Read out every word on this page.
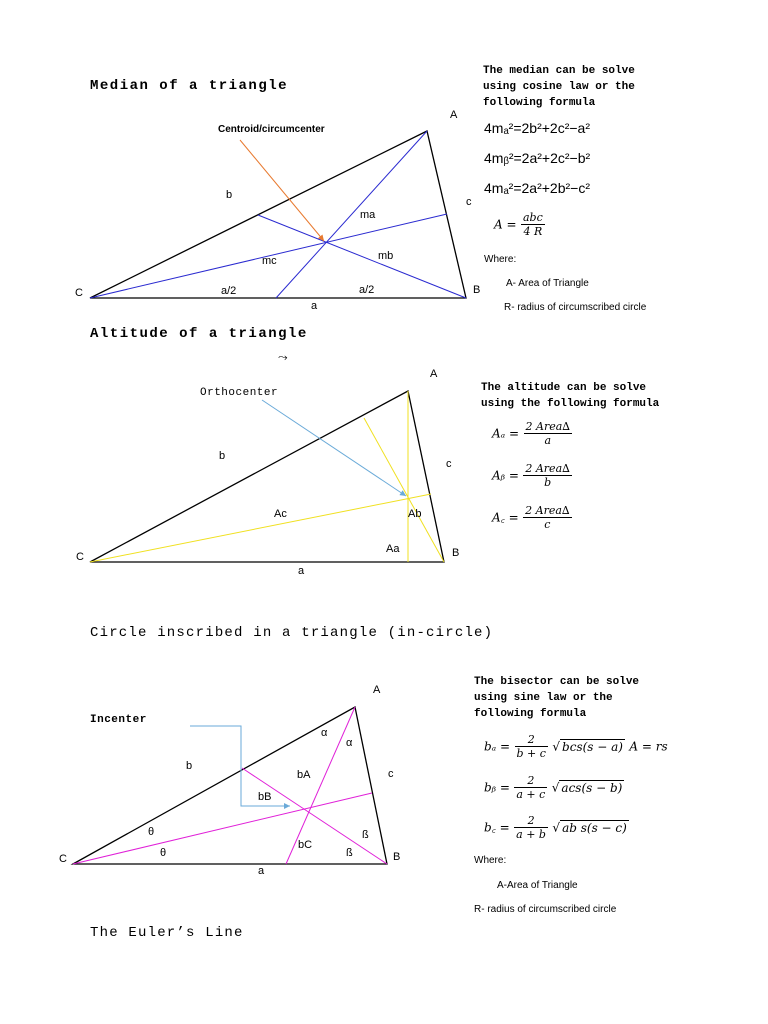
Median of a triangle
A
B
C
b
c
a
ma
mb
mc
a/2	a/2
Centroid/circumcenter
The median can be solve
using cosine law or the
following formula
4mₐ²=2b²+2c²−a²
4mᵦ²=2a²+2c²−b²
4mₐ²=2a²+2b²−c²
$A = \frac{\text{abc}}{4 R}$
Where:
A- Area of Triangle
R- radius of circumscribed circle
Altitude of a triangle
⤳
A
B
C
a
b
c
Ac	Ab
Aa
Orthocenter	The altitude can be solve
using the following formula
$A_a = \frac{\text{2 Area∆}}{a}$
Aᵦ = $\frac{\text{2 Area∆}}{b}$
A꜀ = $\frac{\text{2 Area∆}}{c}$
Circle inscribed in a triangle (in-circle)
A
B
C
a
b
c
bA
bB
bC
α
α
ß
ß
θ
θ
Incenter
The bisector can be solve
using sine law or the
following formula
$b_a = \frac{2}{b + c}$ √ bcs(s − a) A = rs
bᵦ = $\frac{2}{a + c}$ √ acs(s − b)
b꜀ = $\frac{2}{a + b}$ √ ab s(s − c)
Where:
A-Area of Triangle
R- radius of circumscribed circle
The Euler’s Line
